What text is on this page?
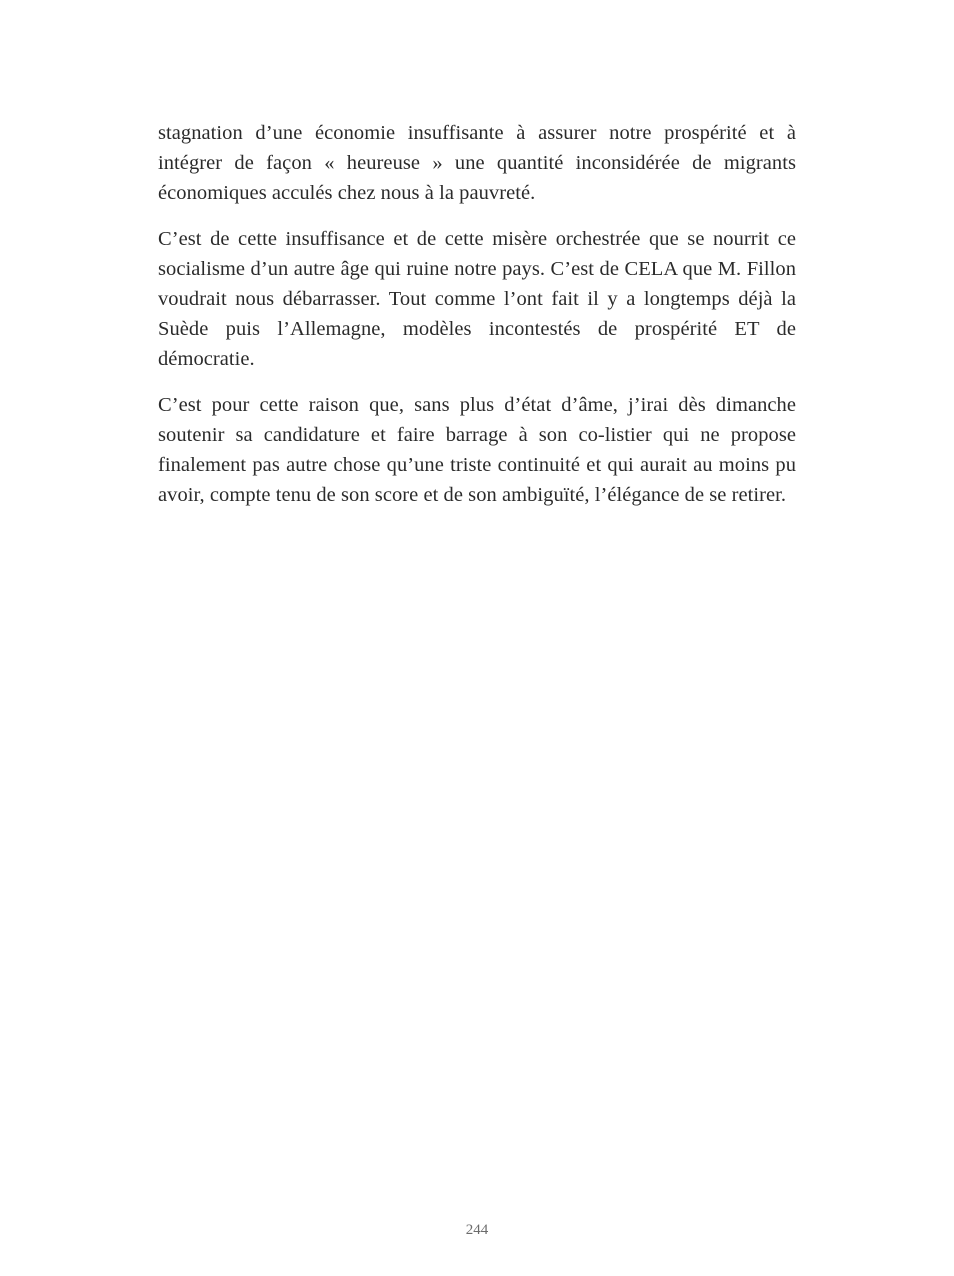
stagnation d’une économie insuffisante à assurer notre prospérité et à intégrer de façon « heureuse » une quantité inconsidérée de migrants économiques acculés chez nous à la pauvreté.

C’est de cette insuffisance et de cette misère orchestrée que se nourrit ce socialisme d’un autre âge qui ruine notre pays. C’est de CELA que M. Fillon voudrait nous débarrasser. Tout comme l’ont fait il y a longtemps déjà la Suède puis l’Allemagne, modèles incontestés de prospérité ET de démocratie.

C’est pour cette raison que, sans plus d’état d’âme, j’irai dès dimanche soutenir sa candidature et faire barrage à son co-listier qui ne propose finalement pas autre chose qu’une triste continuité et qui aurait au moins pu avoir, compte tenu de son score et de son ambiguïté, l’élégance de se retirer.

244
